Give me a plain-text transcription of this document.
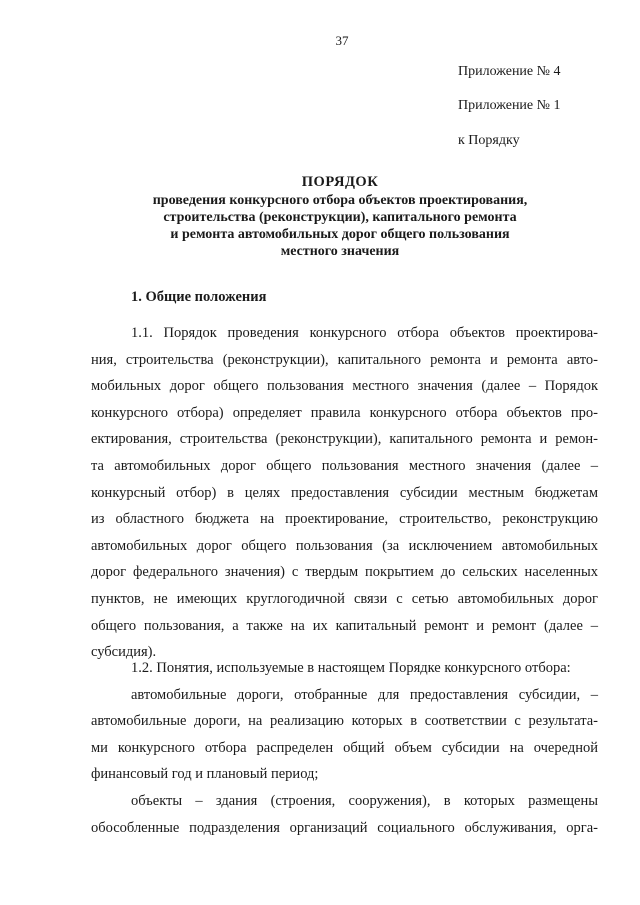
37
Приложение № 4
Приложение № 1
к Порядку
ПОРЯДОК
проведения конкурсного отбора объектов проектирования,
строительства (реконструкции), капитального ремонта
и ремонта автомобильных дорог общего пользования
местного значения
1. Общие положения
1.1. Порядок проведения конкурсного отбора объектов проектирова-
ния, строительства (реконструкции), капитального ремонта и ремонта авто-
мобильных дорог общего пользования местного значения (далее – Порядок
конкурсного отбора) определяет правила конкурсного отбора объектов про-
ектирования, строительства (реконструкции), капитального ремонта и ремон-
та автомобильных дорог общего пользования местного значения (далее –
конкурсный отбор) в целях предоставления субсидии местным бюджетам
из областного бюджета на проектирование, строительство, реконструкцию
автомобильных дорог общего пользования (за исключением автомобильных
дорог федерального значения) с твердым покрытием до сельских населенных
пунктов, не имеющих круглогодичной связи с сетью автомобильных дорог
общего пользования, а также на их капитальный ремонт и ремонт (далее –
субсидия).
1.2. Понятия, используемые в настоящем Порядке конкурсного отбора:
автомобильные дороги, отобранные для предоставления субсидии, –
автомобильные дороги, на реализацию которых в соответствии с результата-
ми конкурсного отбора распределен общий объем субсидии на очередной
финансовый год и плановый период;
объекты – здания (строения, сооружения), в которых размещены
обособленные подразделения организаций социального обслуживания, орга-
